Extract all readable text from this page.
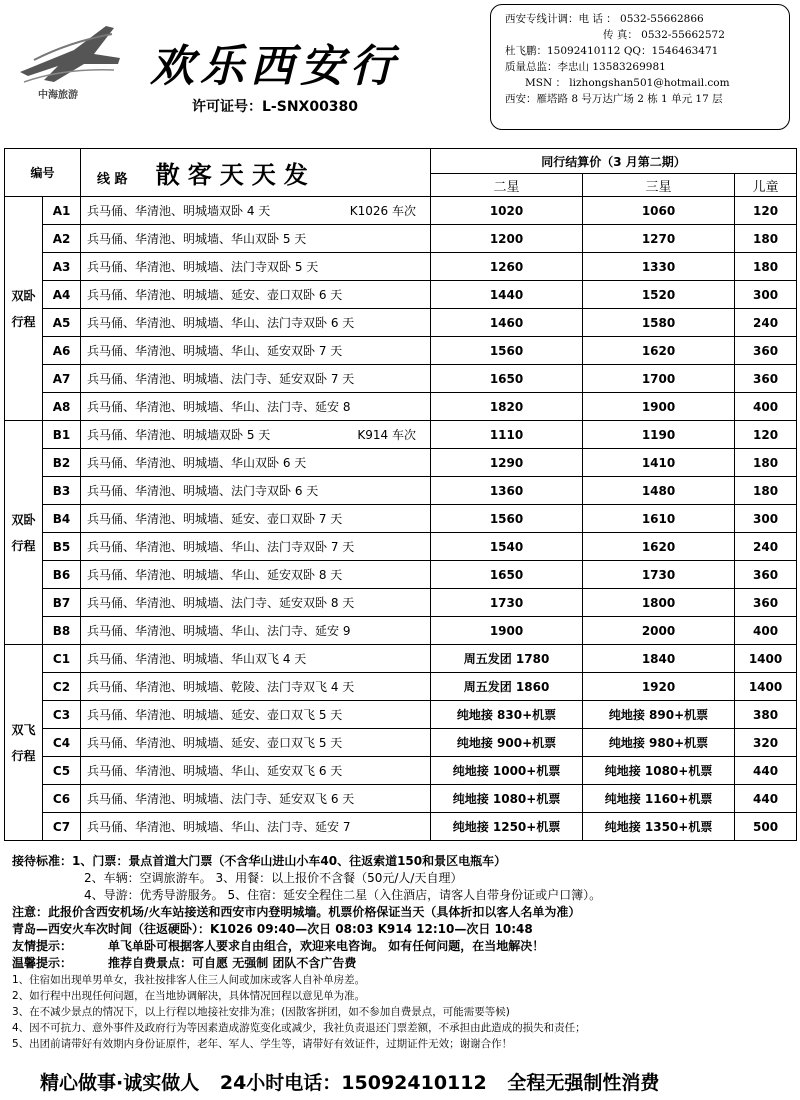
中海旅游
欢乐西安行
许可证号：L-SNX00380
西安专线计调：电 话 ： 0532-55662866
传 真： 0532-55662572
杜飞鹏：15092410112 QQ：1546463471
质量总监：李忠山 13583269981
MSN ： lizhongshan501@hotmail.com
西安：雁塔路 8 号万达广场 2 栋 1 单元 17 层
编号		线 路 散客天天发	同行结算价（3 月第二期）		
			二星	三星	儿童
双卧行程	A1	兵马俑、华清池、明城墙双卧 4 天 K1026 车次	1020	1060	120
	A2	兵马俑、华清池、明城墙、华山双卧 5 天	1200	1270	180
	A3	兵马俑、华清池、明城墙、法门寺双卧 5 天	1260	1330	180
	A4	兵马俑、华清池、明城墙、延安、壶口双卧 6 天	1440	1520	300
	A5	兵马俑、华清池、明城墙、华山、法门寺双卧 6 天	1460	1580	240
	A6	兵马俑、华清池、明城墙、华山、延安双卧 7 天	1560	1620	360
	A7	兵马俑、华清池、明城墙、法门寺、延安双卧 7 天	1650	1700	360
	A8	兵马俑、华清池、明城墙、华山、法门寺、延安 8	1820	1900	400
双卧行程	B1	兵马俑、华清池、明城墙双卧 5 天 K914 车次	1110	1190	120
	B2	兵马俑、华清池、明城墙、华山双卧 6 天	1290	1410	180
	B3	兵马俑、华清池、明城墙、法门寺双卧 6 天	1360	1480	180
	B4	兵马俑、华清池、明城墙、延安、壶口双卧 7 天	1560	1610	300
	B5	兵马俑、华清池、明城墙、华山、法门寺双卧 7 天	1540	1620	240
	B6	兵马俑、华清池、明城墙、华山、延安双卧 8 天	1650	1730	360
	B7	兵马俑、华清池、明城墙、法门寺、延安双卧 8 天	1730	1800	360
	B8	兵马俑、华清池、明城墙、华山、法门寺、延安 9	1900	2000	400
双飞行程	C1	兵马俑、华清池、明城墙、华山双飞 4 天	周五发团 1780	1840	1400
	C2	兵马俑、华清池、明城墙、乾陵、法门寺双飞 4 天	周五发团 1860	1920	1400
	C3	兵马俑、华清池、明城墙、延安、壶口双飞 5 天	纯地接 830+机票	纯地接 890+机票	380
	C4	兵马俑、华清池、明城墙、延安、壶口双飞 5 天	纯地接 900+机票	纯地接 980+机票	320
	C5	兵马俑、华清池、明城墙、华山、延安双飞 6 天	纯地接 1000+机票	纯地接 1080+机票	440
	C6	兵马俑、华清池、明城墙、法门寺、延安双飞 6 天	纯地接 1080+机票	纯地接 1160+机票	440
	C7	兵马俑、华清池、明城墙、华山、法门寺、延安 7	纯地接 1250+机票	纯地接 1350+机票	500
接待标准：1、门票：景点首道大门票（不含华山进山小车40、往返索道150和景区电瓶车）
2、车辆：空调旅游车。 3、用餐：以上报价不含餐（50元/人/天自理）
4、导游：优秀导游服务。 5、住宿：延安全程住二星（入住酒店，请客人自带身份证或户口簿）。
注意：此报价含西安机场/火车站接送和西安市内登明城墙。机票价格保证当天（具体折扣以客人名单为准）
青岛—西安火车次时间（往返硬卧）：K1026 09:40—次日 08:03 K914 12:10—次日 10:48
友情提示：	单飞单卧可根据客人要求自由组合，欢迎来电咨询。 如有任何问题，在当地解决！
温馨提示：	推荐自费景点：可自愿 无强制 团队不含广告费
1、住宿如出现单男单女，我社按排客人住三人间或加床或客人自补单房差。
2、如行程中出现任何问题，在当地协调解决，具体情况回程以意见单为准。
3、在不减少景点的情况下，以上行程以地接社安排为准；(因散客拼团，如不参加自费景点，可能需要等候)
4、因不可抗力、意外事件及政府行为等因素造成游览变化或减少，我社负责退还门票差额，不承担由此造成的损失和责任；
5、出团前请带好有效期内身份证原件，老年、军人、学生等，请带好有效证件，过期证件无效；谢谢合作！
精心做事·诚实做人 24小时电话：15092410112 全程无强制性消费
